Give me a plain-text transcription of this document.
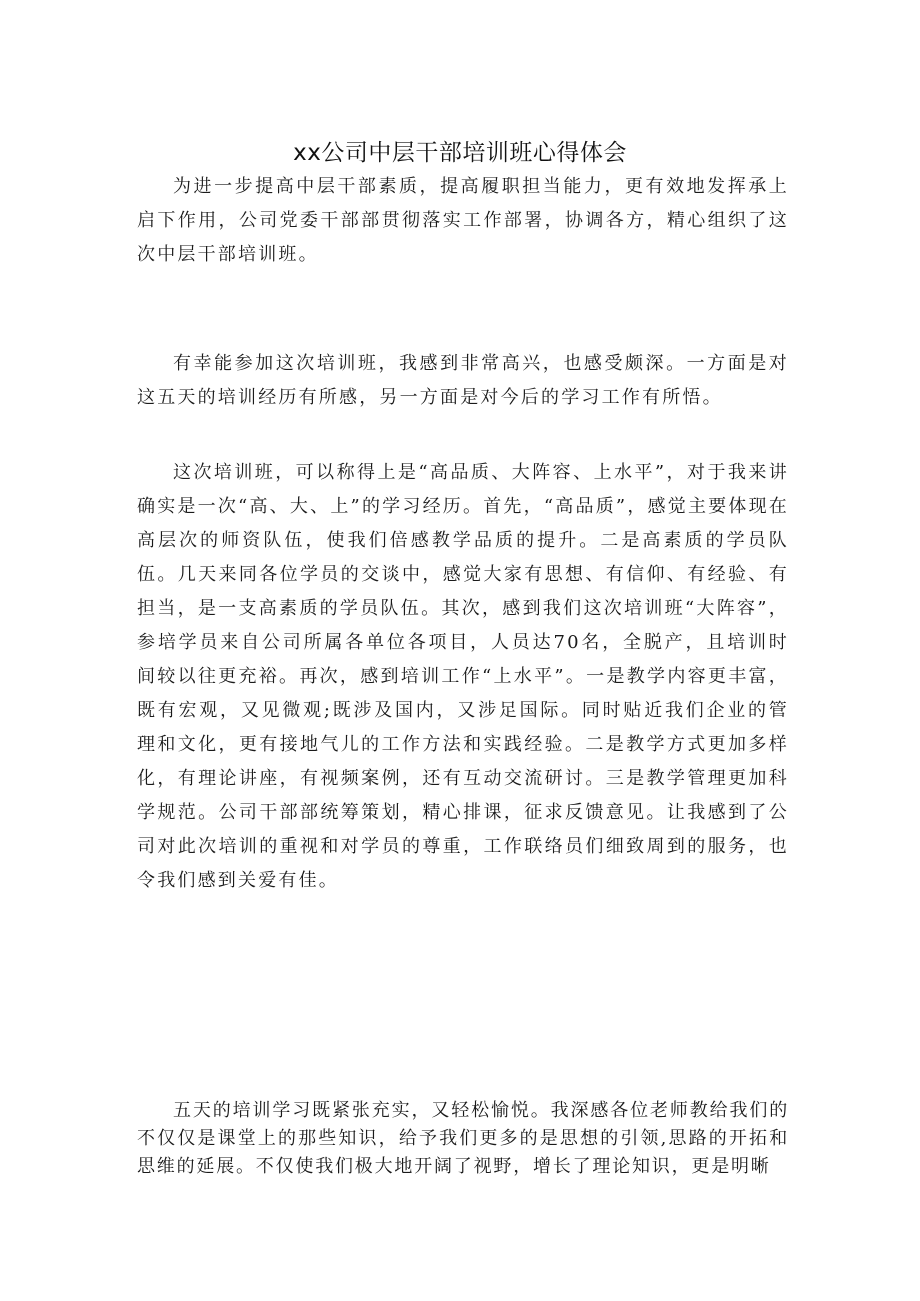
xx公司中层干部培训班心得体会

为进一步提高中层干部素质，提高履职担当能力，更有效地发挥承上启下作用，公司党委干部部贯彻落实工作部署，协调各方，精心组织了这次中层干部培训班。

有幸能参加这次培训班，我感到非常高兴，也感受颇深。一方面是对这五天的培训经历有所感，另一方面是对今后的学习工作有所悟。

这次培训班，可以称得上是“高品质、大阵容、上水平”，对于我来讲确实是一次“高、大、上”的学习经历。首先，“高品质”，感觉主要体现在高层次的师资队伍，使我们倍感教学品质的提升。二是高素质的学员队伍。几天来同各位学员的交谈中，感觉大家有思想、有信仰、有经验、有担当，是一支高素质的学员队伍。其次，感到我们这次培训班“大阵容”，参培学员来自公司所属各单位各项目，人员达70名，全脱产，且培训时间较以往更充裕。再次，感到培训工作“上水平”。一是教学内容更丰富，既有宏观，又见微观;既涉及国内，又涉足国际。同时贴近我们企业的管理和文化，更有接地气儿的工作方法和实践经验。二是教学方式更加多样化，有理论讲座，有视频案例，还有互动交流研讨。三是教学管理更加科学规范。公司干部部统筹策划，精心排课，征求反馈意见。让我感到了公司对此次培训的重视和对学员的尊重，工作联络员们细致周到的服务，也令我们感到关爱有佳。

五天的培训学习既紧张充实，又轻松愉悦。我深感各位老师教给我们的不仅仅是课堂上的那些知识，给予我们更多的是思想的引领,思路的开拓和思维的延展。不仅使我们极大地开阔了视野，增长了理论知识，更是明晰
